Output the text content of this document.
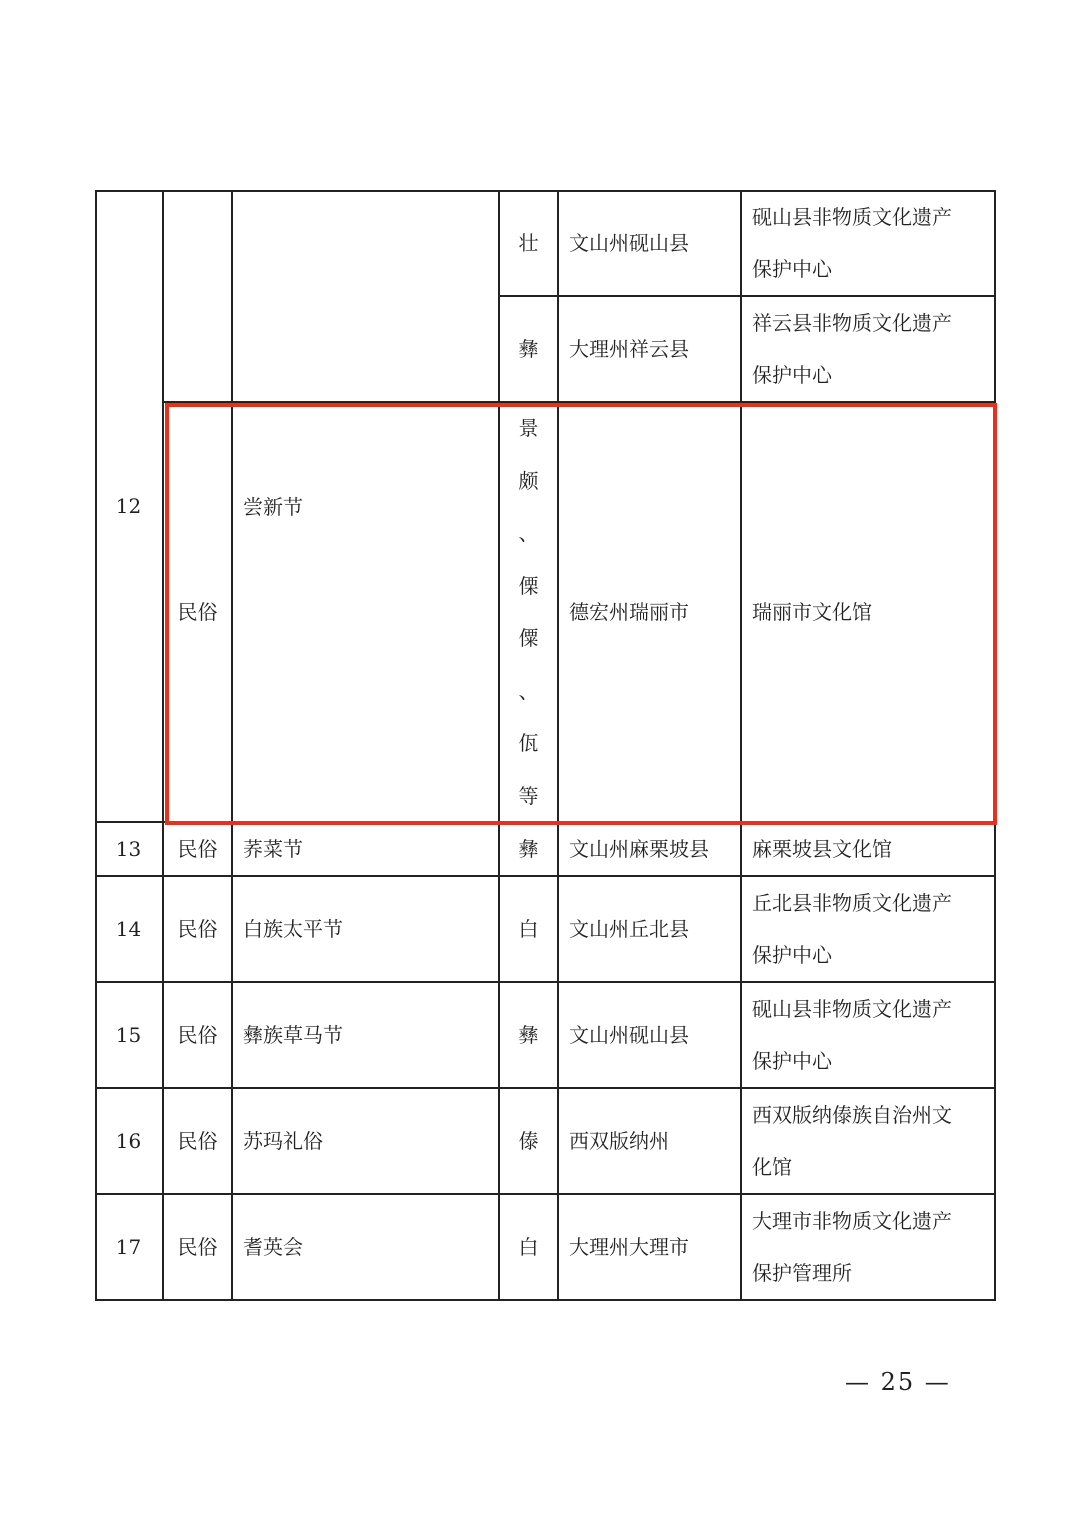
12
13
14
15
16
17
民俗
民俗
民俗
民俗
民俗
民俗
尝新节
荞菜节
白族太平节
彝族草马节
苏玛礼俗
耆英会
壮
彝
景
颇
、
傈
僳
、
佤
等
彝
白
彝
傣
白
文山州砚山县
大理州祥云县
德宏州瑞丽市
文山州麻栗坡县
文山州丘北县
文山州砚山县
西双版纳州
大理州大理市
砚山县非物质文化遗产
保护中心
祥云县非物质文化遗产
保护中心
瑞丽市文化馆
麻栗坡县文化馆
丘北县非物质文化遗产
保护中心
砚山县非物质文化遗产
保护中心
西双版纳傣族自治州文
化馆
大理市非物质文化遗产
保护管理所
— 25 —
